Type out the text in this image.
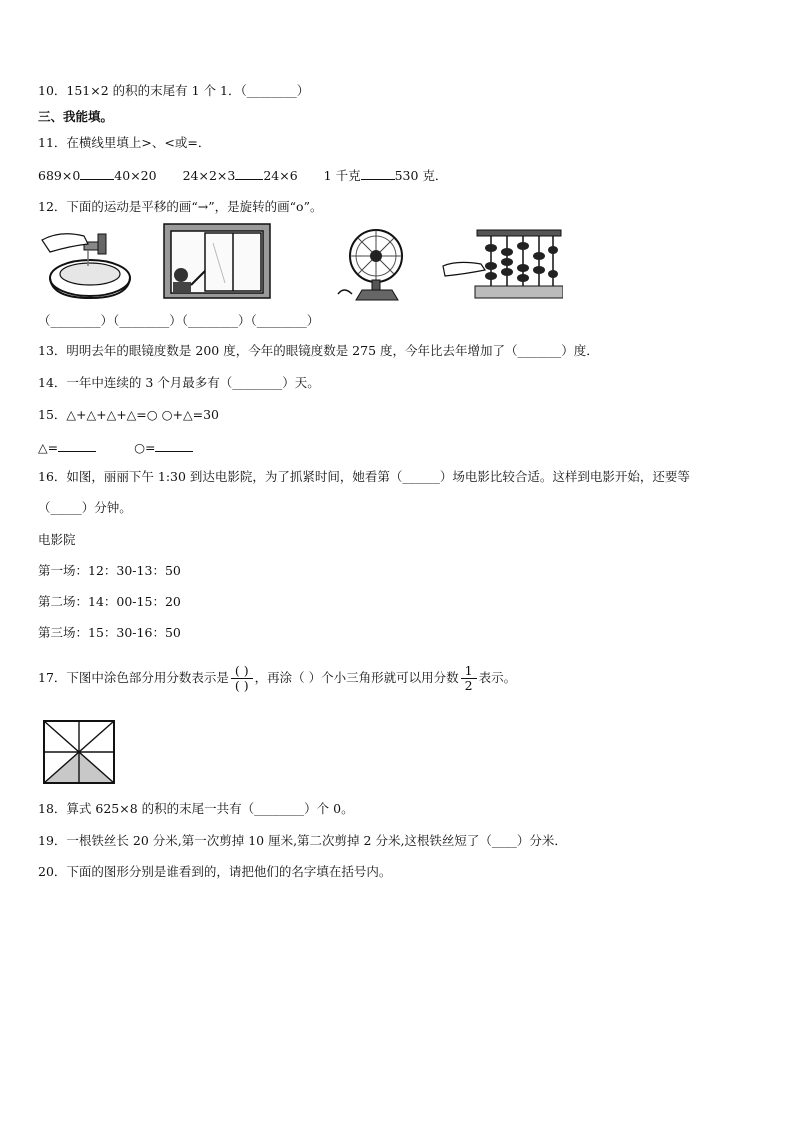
10．151×2 的积的末尾有 1 个 1．（________）
三、我能填。
11．在横线里填上>、<或=．
689×0	40×20 24×2×3 24×6 1 千克	530 克．
12．下面的运动是平移的画“→”，是旋转的画“o”。
（________）（________）（________）（________）
13．明明去年的眼镜度数是 200 度，今年的眼镜度数是 275 度，今年比去年增加了（_______）度．
14．一年中连续的 3 个月最多有（________）天。
15．△+△+△+△=○ ○+△=30
△=	○=
16．如图，丽丽下午 1:30 到达电影院，为了抓紧时间，她看第（______）场电影比较合适。这样到电影开始，还要等
（_____）分钟。
电影院
第一场：12：30-13：50
第二场：14：00-15：20
第三场：15：30-16：50
17．下图中涂色部分用分数表示是 $\frac{( )}{( )}$ ，再涂（ ）个小三角形就可以用分数 $\frac{1}{2}$ 表示。
18．算式 625×8 的积的末尾一共有（________）个 0。
19．一根铁丝长 20 分米,第一次剪掉 10 厘米,第二次剪掉 2 分米,这根铁丝短了（____）分米．
20．下面的图形分别是谁看到的，请把他们的名字填在括号内。
